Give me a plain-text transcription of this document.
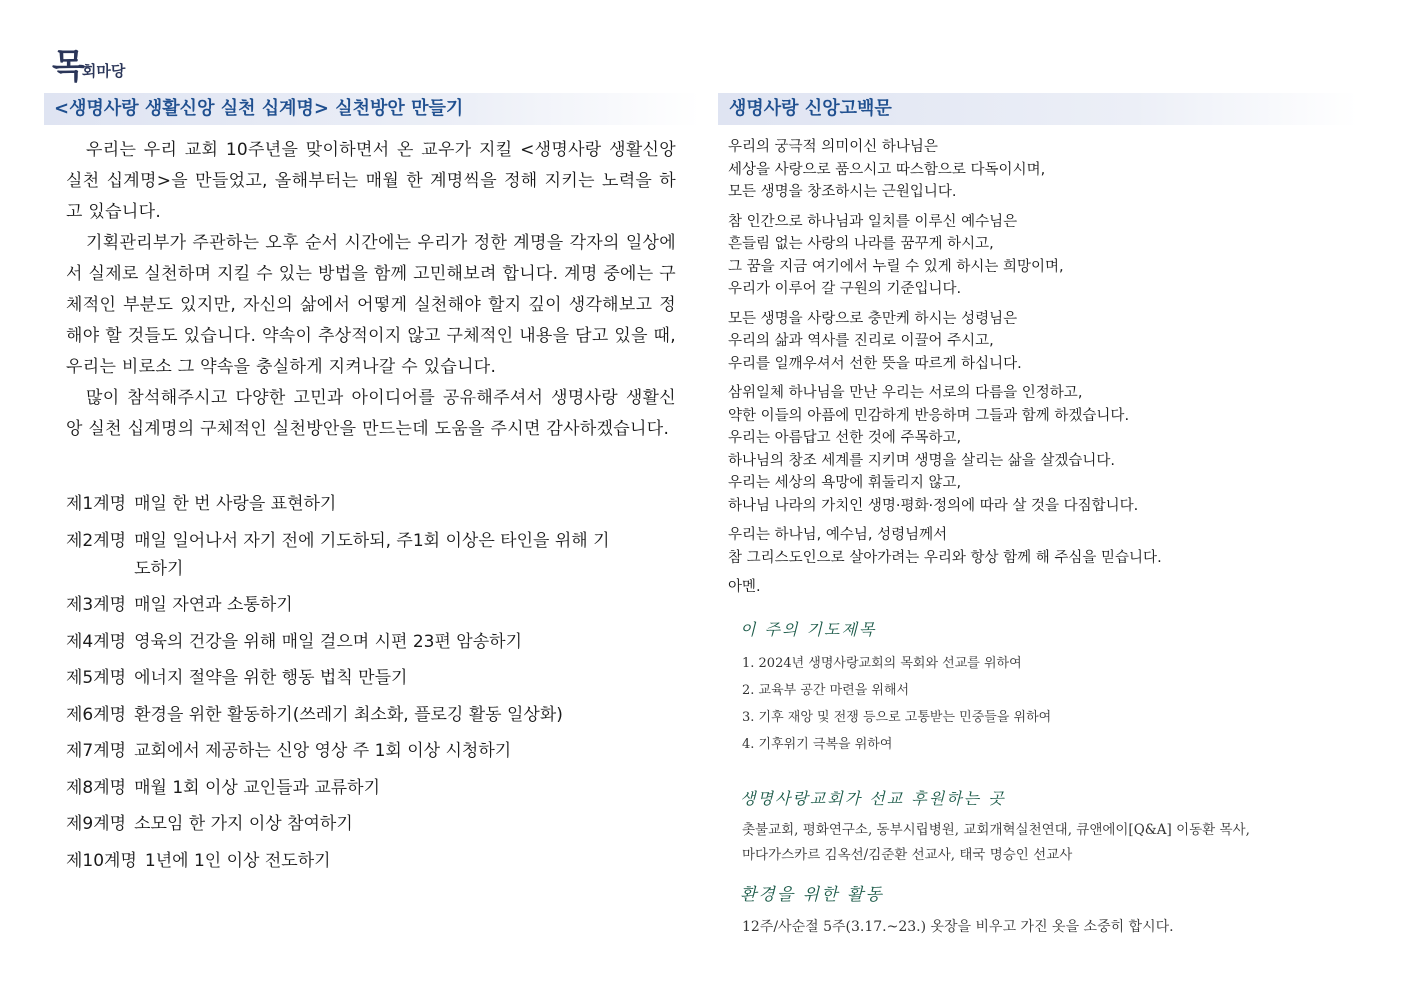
목회마당
<생명사랑 생활신앙 실천 십계명> 실천방안 만들기	생명사랑 신앙고백문

우리는 우리 교회 10주년을 맞이하면서 온 교우가 지킬 <생명사랑 생활신앙 실천 십계명>을 만들었고, 올해부터는 매월 한 계명씩을 정해 지키는 노력을 하고 있습니다.

기획관리부가 주관하는 오후 순서 시간에는 우리가 정한 계명을 각자의 일상에서 실제로 실천하며 지킬 수 있는 방법을 함께 고민해보려 합니다. 계명 중에는 구체적인 부분도 있지만, 자신의 삶에서 어떻게 실천해야 할지 깊이 생각해보고 정해야 할 것들도 있습니다. 약속이 추상적이지 않고 구체적인 내용을 담고 있을 때, 우리는 비로소 그 약속을 충실하게 지켜나갈 수 있습니다.

많이 참석해주시고 다양한 고민과 아이디어를 공유해주셔서 생명사랑 생활신앙 실천 십계명의 구체적인 실천방안을 만드는데 도움을 주시면 감사하겠습니다.

제1계명 매일 한 번 사랑을 표현하기
제2계명 매일 일어나서 자기 전에 기도하되, 주1회 이상은 타인을 위해 기도하기
제3계명 매일 자연과 소통하기
제4계명 영육의 건강을 위해 매일 걸으며 시편 23편 암송하기
제5계명 에너지 절약을 위한 행동 법칙 만들기
제6계명 환경을 위한 활동하기(쓰레기 최소화, 플로깅 활동 일상화)
제7계명 교회에서 제공하는 신앙 영상 주 1회 이상 시청하기
제8계명 매월 1회 이상 교인들과 교류하기
제9계명 소모임 한 가지 이상 참여하기
제10계명 1년에 1인 이상 전도하기
우리의 궁극적 의미이신 하나님은
세상을 사랑으로 품으시고 따스함으로 다독이시며,
모든 생명을 창조하시는 근원입니다.
참 인간으로 하나님과 일치를 이루신 예수님은
흔들림 없는 사랑의 나라를 꿈꾸게 하시고,
그 꿈을 지금 여기에서 누릴 수 있게 하시는 희망이며,
우리가 이루어 갈 구원의 기준입니다.
모든 생명을 사랑으로 충만케 하시는 성령님은
우리의 삶과 역사를 진리로 이끌어 주시고,
우리를 일깨우셔서 선한 뜻을 따르게 하십니다.
삼위일체 하나님을 만난 우리는 서로의 다름을 인정하고,
약한 이들의 아픔에 민감하게 반응하며 그들과 함께 하겠습니다.
우리는 아름답고 선한 것에 주목하고,
하나님의 창조 세계를 지키며 생명을 살리는 삶을 살겠습니다.
우리는 세상의 욕망에 휘둘리지 않고,
하나님 나라의 가치인 생명·평화·정의에 따라 살 것을 다짐합니다.
우리는 하나님, 예수님, 성령님께서
참 그리스도인으로 살아가려는 우리와 항상 함께 해 주심을 믿습니다.
아멘.
이 주의 기도제목
1. 2024년 생명사랑교회의 목회와 선교를 위하여
2. 교육부 공간 마련을 위해서
3. 기후 재앙 및 전쟁 등으로 고통받는 민중들을 위하여
4. 기후위기 극복을 위하여
생명사랑교회가 선교 후원하는 곳
촛불교회, 평화연구소, 동부시립병원, 교회개혁실천연대, 큐앤에이[Q&A] 이동환 목사,
마다가스카르 김옥선/김준환 선교사, 태국 명승인 선교사
환경을 위한 활동
12주/사순절 5주(3.17.~23.) 옷장을 비우고 가진 옷을 소중히 합시다.
